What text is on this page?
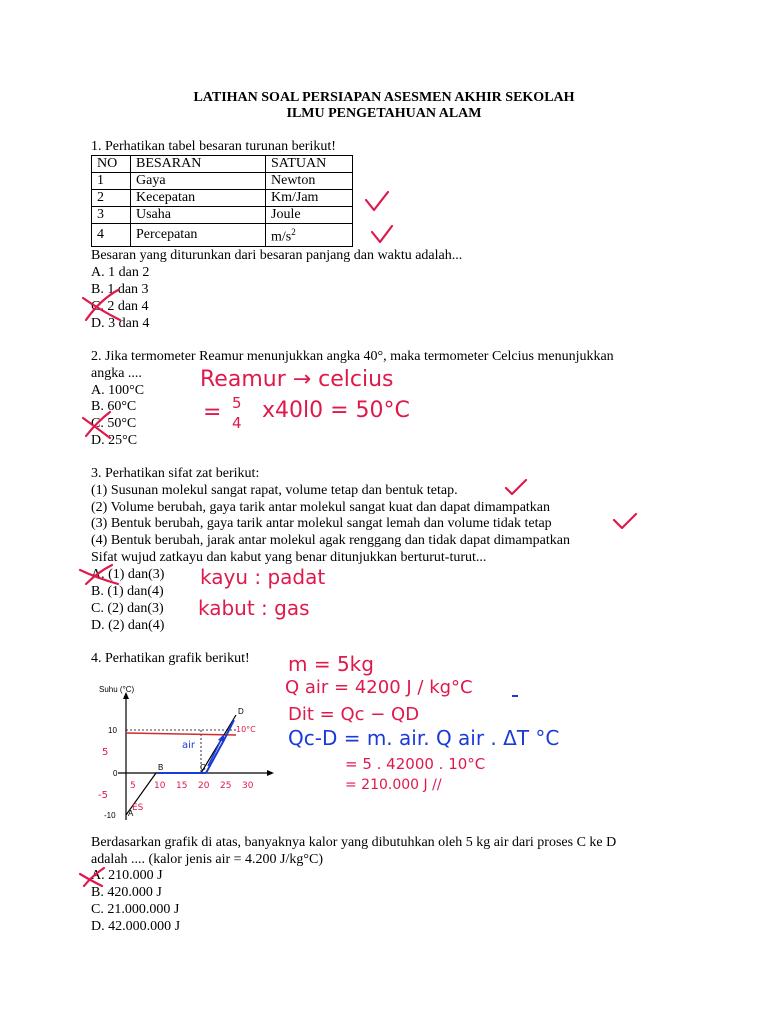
LATIHAN SOAL PERSIAPAN ASESMEN AKHIR SEKOLAH
ILMU PENGETAHUAN ALAM
1. Perhatikan tabel besaran turunan berikut!
NO	BESARAN	SATUAN
1	Gaya	Newton
2	Kecepatan	Km/Jam
3	Usaha	Joule
4	Percepatan	$m/s^2$
Besaran yang diturunkan dari besaran panjang dan waktu adalah...
A. 1 dan 2
B. 1 dan 3
C. 2 dan 4
D. 3 dan 4
2. Jika termometer Reamur menunjukkan angka 40°, maka termometer Celcius menunjukkan
angka ....
A. 100°C
B. 60°C
C. 50°C
D. 25°C
Reamur → celcius
= 5
4 x40l0 = 50°C
3. Perhatikan sifat zat berikut:
(1) Susunan molekul sangat rapat, volume tetap dan bentuk tetap.
(2) Volume berubah, gaya tarik antar molekul sangat kuat dan dapat dimampatkan
(3) Bentuk berubah, gaya tarik antar molekul sangat lemah dan volume tidak tetap
(4) Bentuk berubah, jarak antar molekul agak renggang dan tidak dapat dimampatkan
Sifat wujud zatkayu dan kabut yang benar ditunjukkan berturut-turut...
A. (1) dan(3)
B. (1) dan(4)
C. (2) dan(3)
D. (2) dan(4)
kayu : padat
kabut : gas
4. Perhatikan grafik berikut!
Suhu (°C)
10
0
-10 A
B	C
D
5 10 15 20 25 30
5
-5
air
ES
10°C
m = 5kg
Q air = 4200 J / kg°C
Dit = Qc − QD
Qc-D = m. air. Q air . ΔT °C
= 5 . 42000 . 10°C
= 210.000 J //
Berdasarkan grafik di atas, banyaknya kalor yang dibutuhkan oleh 5 kg air dari proses C ke D
adalah .... (kalor jenis air = 4.200 J/kg°C)
A. 210.000 J
B. 420.000 J
C. 21.000.000 J
D. 42.000.000 J
